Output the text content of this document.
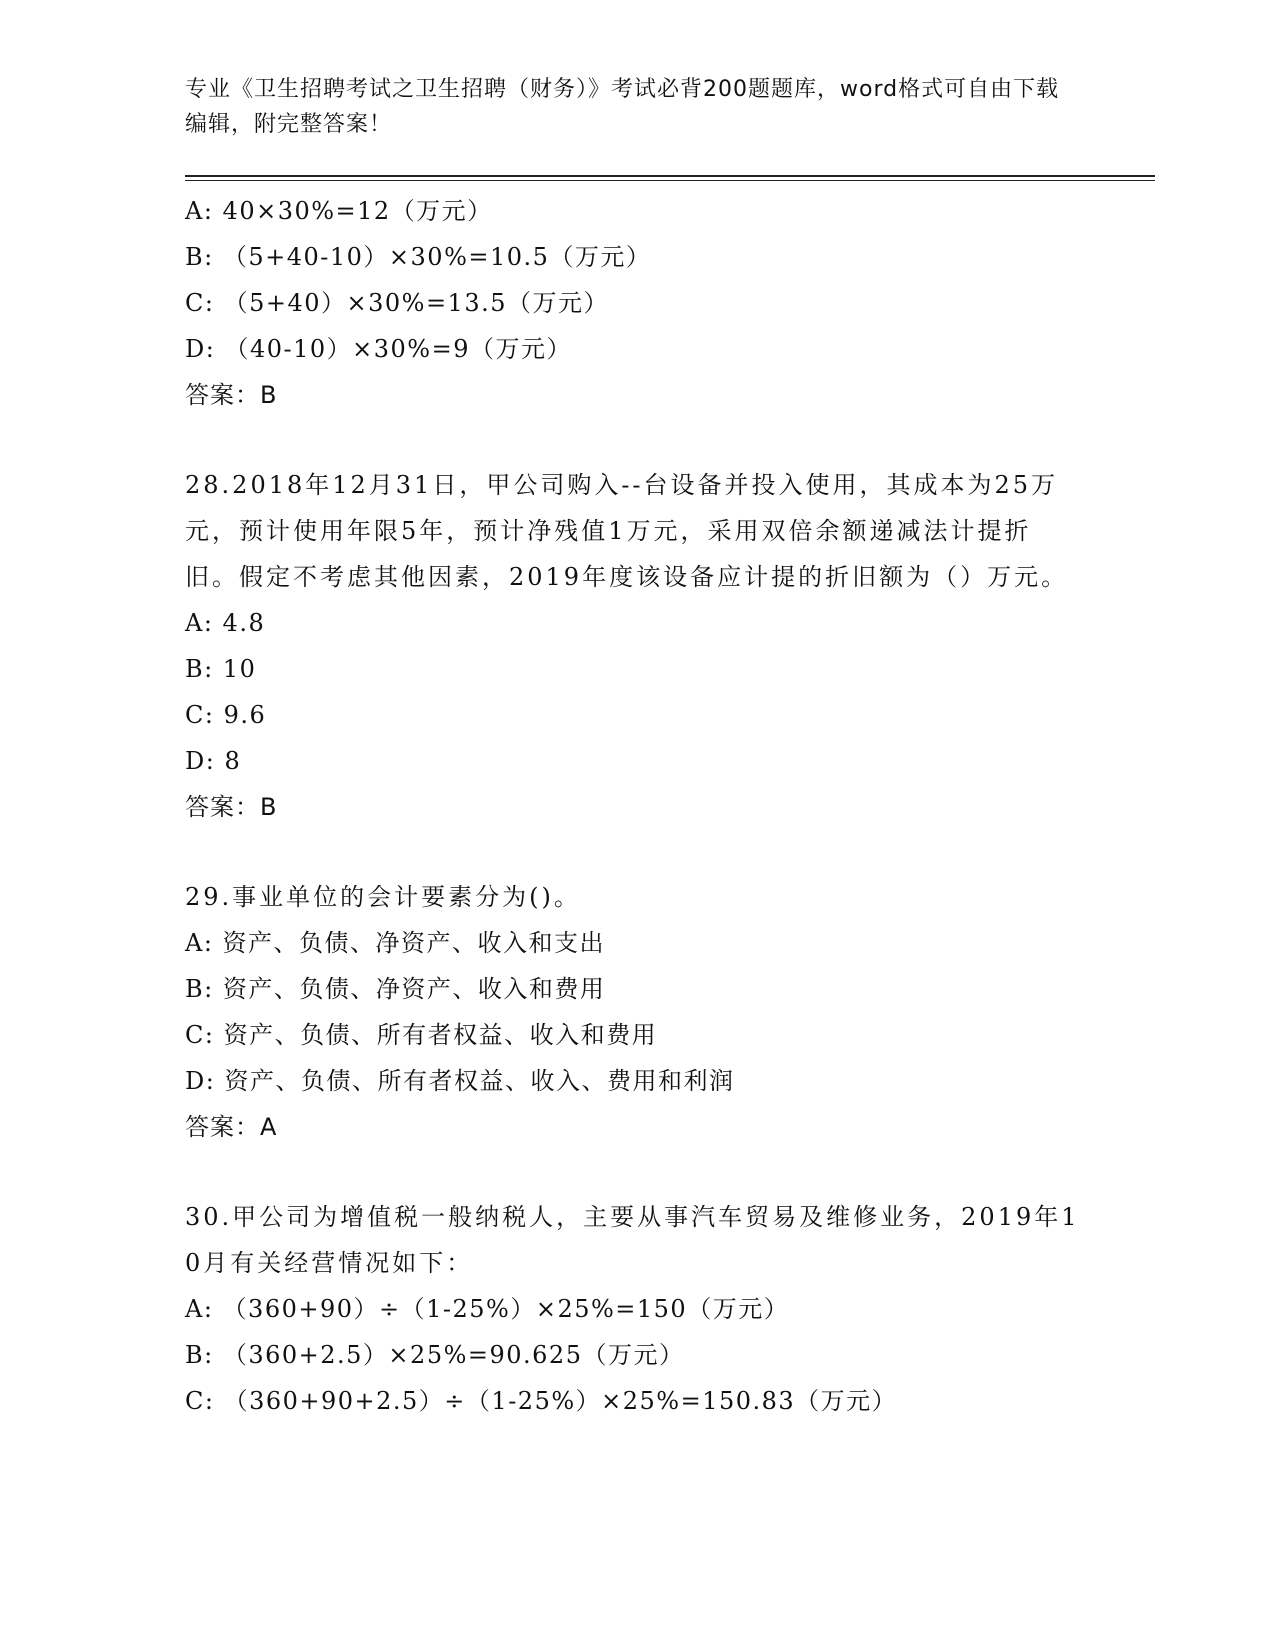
专业《卫生招聘考试之卫生招聘（财务）》考试必背200题题库，word格式可自由下载编辑，附完整答案！
A: 40×30%=12（万元）
B: （5+40-10）×30%=10.5（万元）
C: （5+40）×30%=13.5（万元）
D: （40-10）×30%=9（万元）
答案：B
28.2018年12月31日，甲公司购入--台设备并投入使用，其成本为25万元，预计使用年限5年，预计净残值1万元，采用双倍余额递减法计提折旧。假定不考虑其他因素，2019年度该设备应计提的折旧额为（）万元。
A: 4.8
B: 10
C: 9.6
D: 8
答案：B
29.事业单位的会计要素分为()。
A: 资产、负债、净资产、收入和支出
B: 资产、负债、净资产、收入和费用
C: 资产、负债、所有者权益、收入和费用
D: 资产、负债、所有者权益、收入、费用和利润
答案：A
30.甲公司为增值税一般纳税人，主要从事汽车贸易及维修业务，2019年10月有关经营情况如下：
A: （360+90）÷（1-25%）×25%=150（万元）
B: （360+2.5）×25%=90.625（万元）
C: （360+90+2.5）÷（1-25%）×25%=150.83（万元）
